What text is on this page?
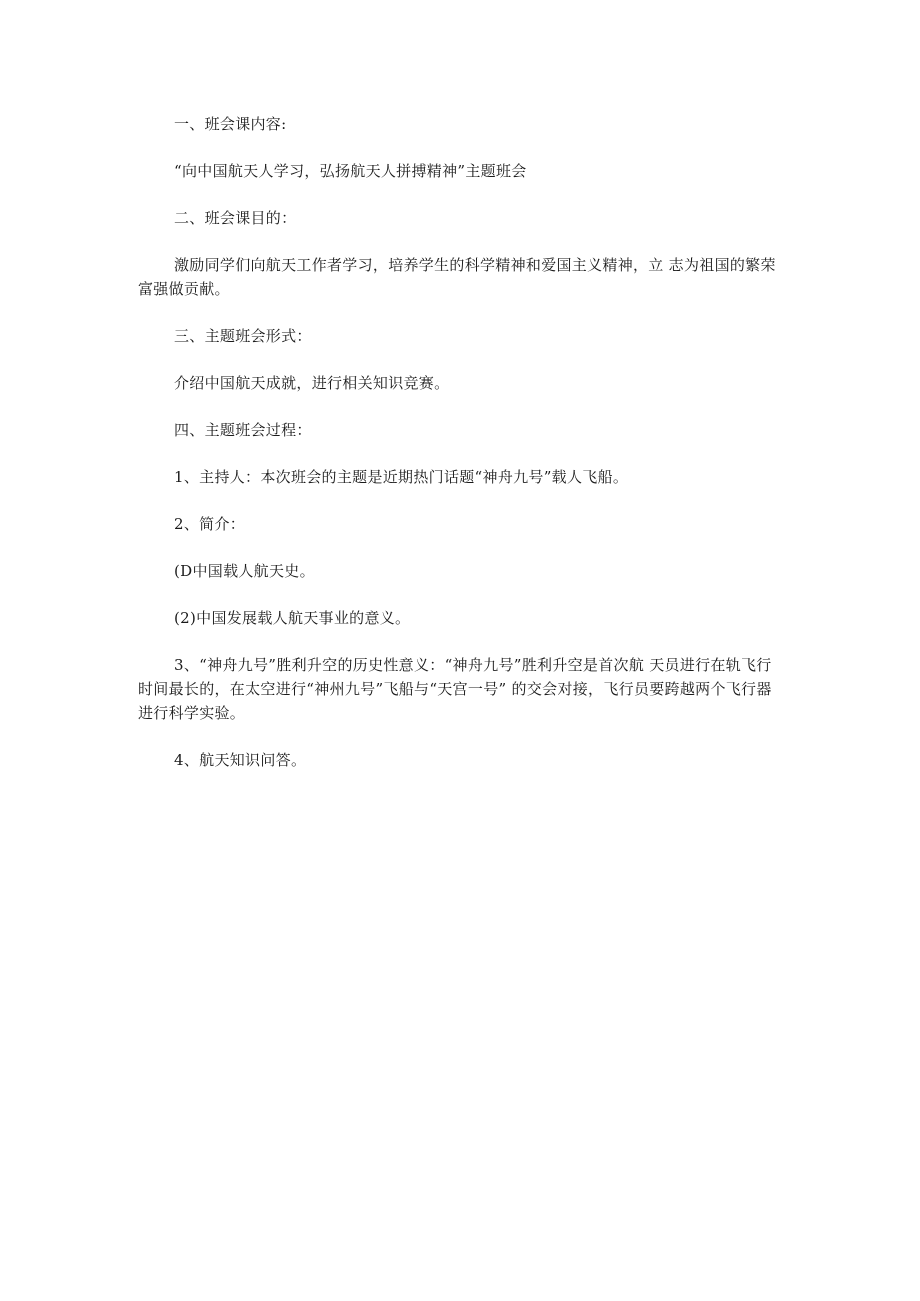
一、班会课内容:

“向中国航天人学习，弘扬航天人拼搏精神”主题班会

二、班会课目的：

激励同学们向航天工作者学习，培养学生的科学精神和爱国主义精神，立 志为祖国的繁荣富强做贡献。

三、主题班会形式：

介绍中国航天成就，进行相关知识竞赛。

四、主题班会过程：

1、主持人：本次班会的主题是近期热门话题“神舟九号”载人飞船。

2、简介：

(D中国载人航天史。

(2)中国发展载人航天事业的意义。

3、“神舟九号”胜利升空的历史性意义：“神舟九号”胜利升空是首次航 天员进行在轨飞行时间最长的，在太空进行“神州九号”飞船与“天宫一号” 的交会对接，飞行员要跨越两个飞行器进行科学实验。

4、航天知识问答。
